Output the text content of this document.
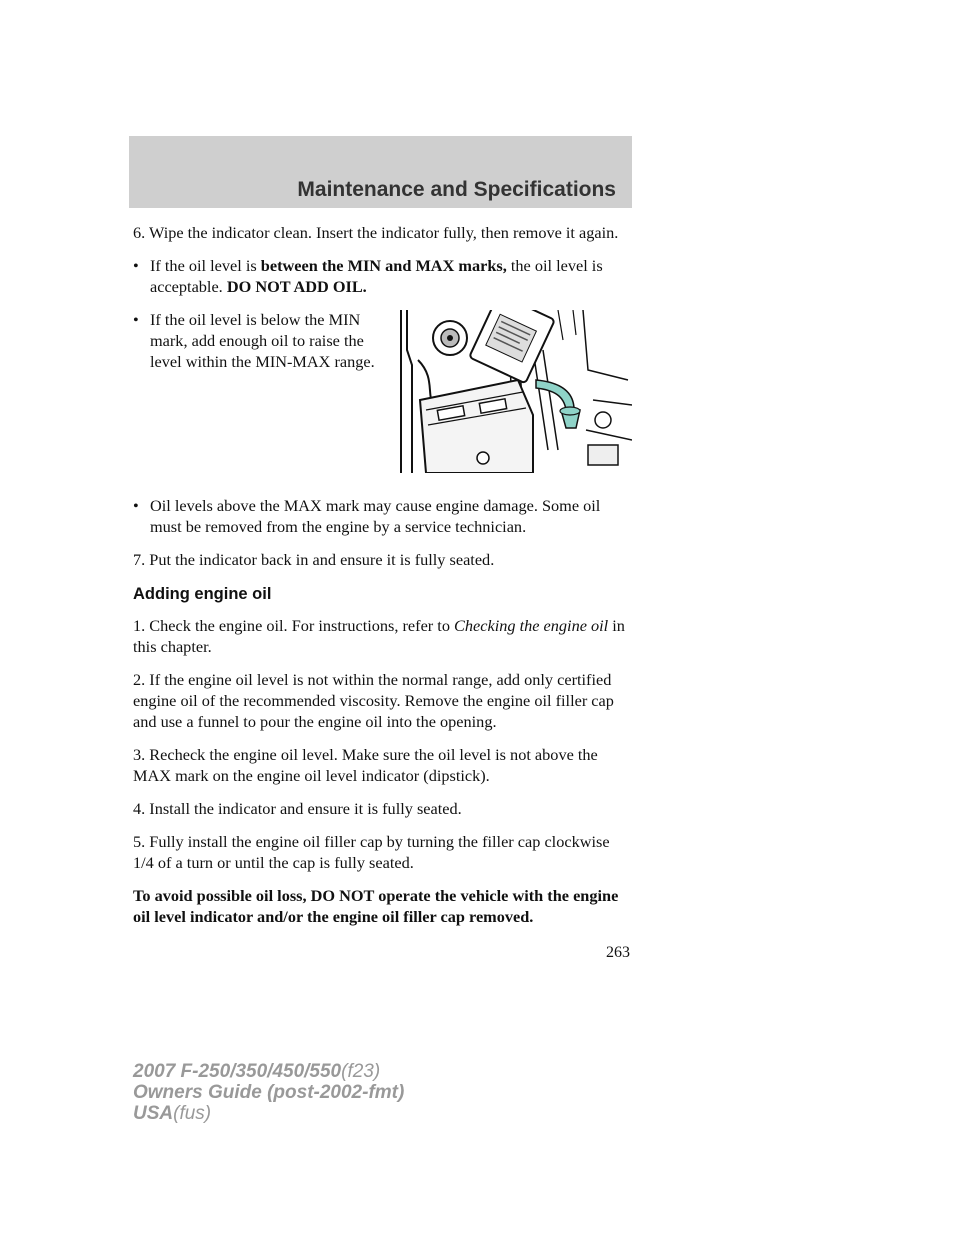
Maintenance and Specifications

6. Wipe the indicator clean. Insert the indicator fully, then remove it again.

• If the oil level is between the MIN and MAX marks, the oil level is acceptable. DO NOT ADD OIL.
• If the oil level is below the MIN mark, add enough oil to raise the level within the MIN-MAX range.
• Oil levels above the MAX mark may cause engine damage. Some oil must be removed from the engine by a service technician.

7. Put the indicator back in and ensure it is fully seated.

Adding engine oil

1. Check the engine oil. For instructions, refer to Checking the engine oil in this chapter.

2. If the engine oil level is not within the normal range, add only certified engine oil of the recommended viscosity. Remove the engine oil filler cap and use a funnel to pour the engine oil into the opening.

3. Recheck the engine oil level. Make sure the oil level is not above the MAX mark on the engine oil level indicator (dipstick).

4. Install the indicator and ensure it is fully seated.

5. Fully install the engine oil filler cap by turning the filler cap clockwise 1/4 of a turn or until the cap is fully seated.

To avoid possible oil loss, DO NOT operate the vehicle with the engine oil level indicator and/or the engine oil filler cap removed.

263
2007 F-250/350/450/550(f23)
Owners Guide (post-2002-fmt)
USA(fus)
